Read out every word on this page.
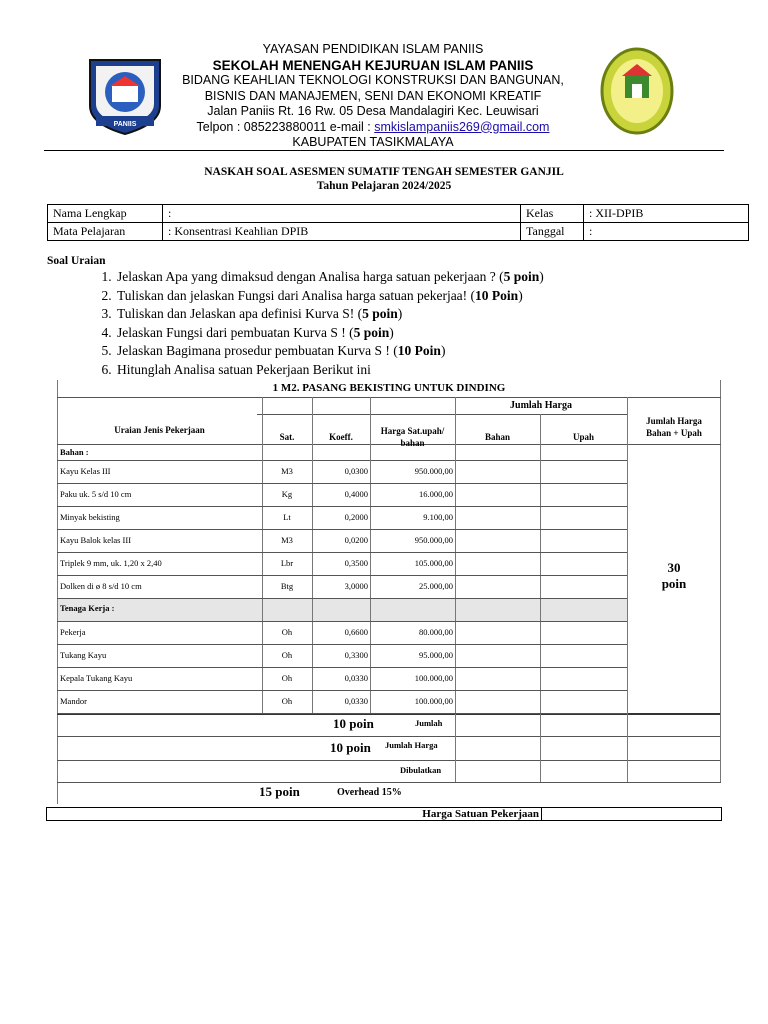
PANIIS
YAYASAN PENDIDIKAN ISLAM PANIIS
SEKOLAH MENENGAH KEJURUAN ISLAM PANIIS
BIDANG KEAHLIAN TEKNOLOGI KONSTRUKSI DAN BANGUNAN,
BISNIS DAN MANAJEMEN, SENI DAN EKONOMI KREATIF
Jalan Paniis Rt. 16 Rw. 05 Desa Mandalagiri Kec. Leuwisari
Telpon : 085223880011 e-mail : smkislampaniis269@gmail.com
KABUPATEN TASIKMALAYA
NASKAH SOAL ASESMEN SUMATIF TENGAH SEMESTER GANJIL
Tahun Pelajaran 2024/2025
Nama Lengkap	:	Kelas	: XII-DPIB
Mata Pelajaran	: Konsentrasi Keahlian DPIB	Tanggal	:
Soal Uraian
1. Jelaskan Apa yang dimaksud dengan Analisa harga satuan pekerjaan ? (5 poin)
2. Tuliskan dan jelaskan Fungsi dari Analisa harga satuan pekerjaa! (10 Poin)
3. Tuliskan dan Jelaskan apa definisi Kurva S! (5 poin)
4. Jelaskan Fungsi dari pembuatan Kurva S ! (5 poin)
5. Jelaskan Bagimana prosedur pembuatan Kurva S ! (10 Poin)
6. Hitunglah Analisa satuan Pekerjaan Berikut ini
1 M2. PASANG BEKISTING UNTUK DINDING
Jumlah Harga
Uraian Jenis Pekerjaan
Sat.	Koeff.
Harga Sat.upah/
bahan
Bahan	Upah
Jumlah Harga
Bahan + Upah
Bahan :
Kayu Kelas III	M3	0,0300	950.000,00
Paku uk. 5 s/d 10 cm	Kg	0,4000	16.000,00
Minyak bekisting	Lt	0,2000	9.100,00
Kayu Balok kelas III	M3	0,0200	950.000,00
Triplek 9 mm, uk. 1,20 x 2,40	Lbr	0,3500	105.000,00
Dolken di ø 8 s/d 10 cm	Btg	3,0000	25.000,00
Tenaga Kerja :
Pekerja	Oh	0,6600	80.000,00
Tukang Kayu	Oh	0,3300	95.000,00
Kepala Tukang Kayu	Oh	0,0330	100.000,00
Mandor	Oh	0,0330	100.000,00
30
poin
10 poin	Jumlah
10 poin Jumlah Harga
Dibulatkan
15 poin	Overhead 15%
Harga Satuan Pekerjaan
